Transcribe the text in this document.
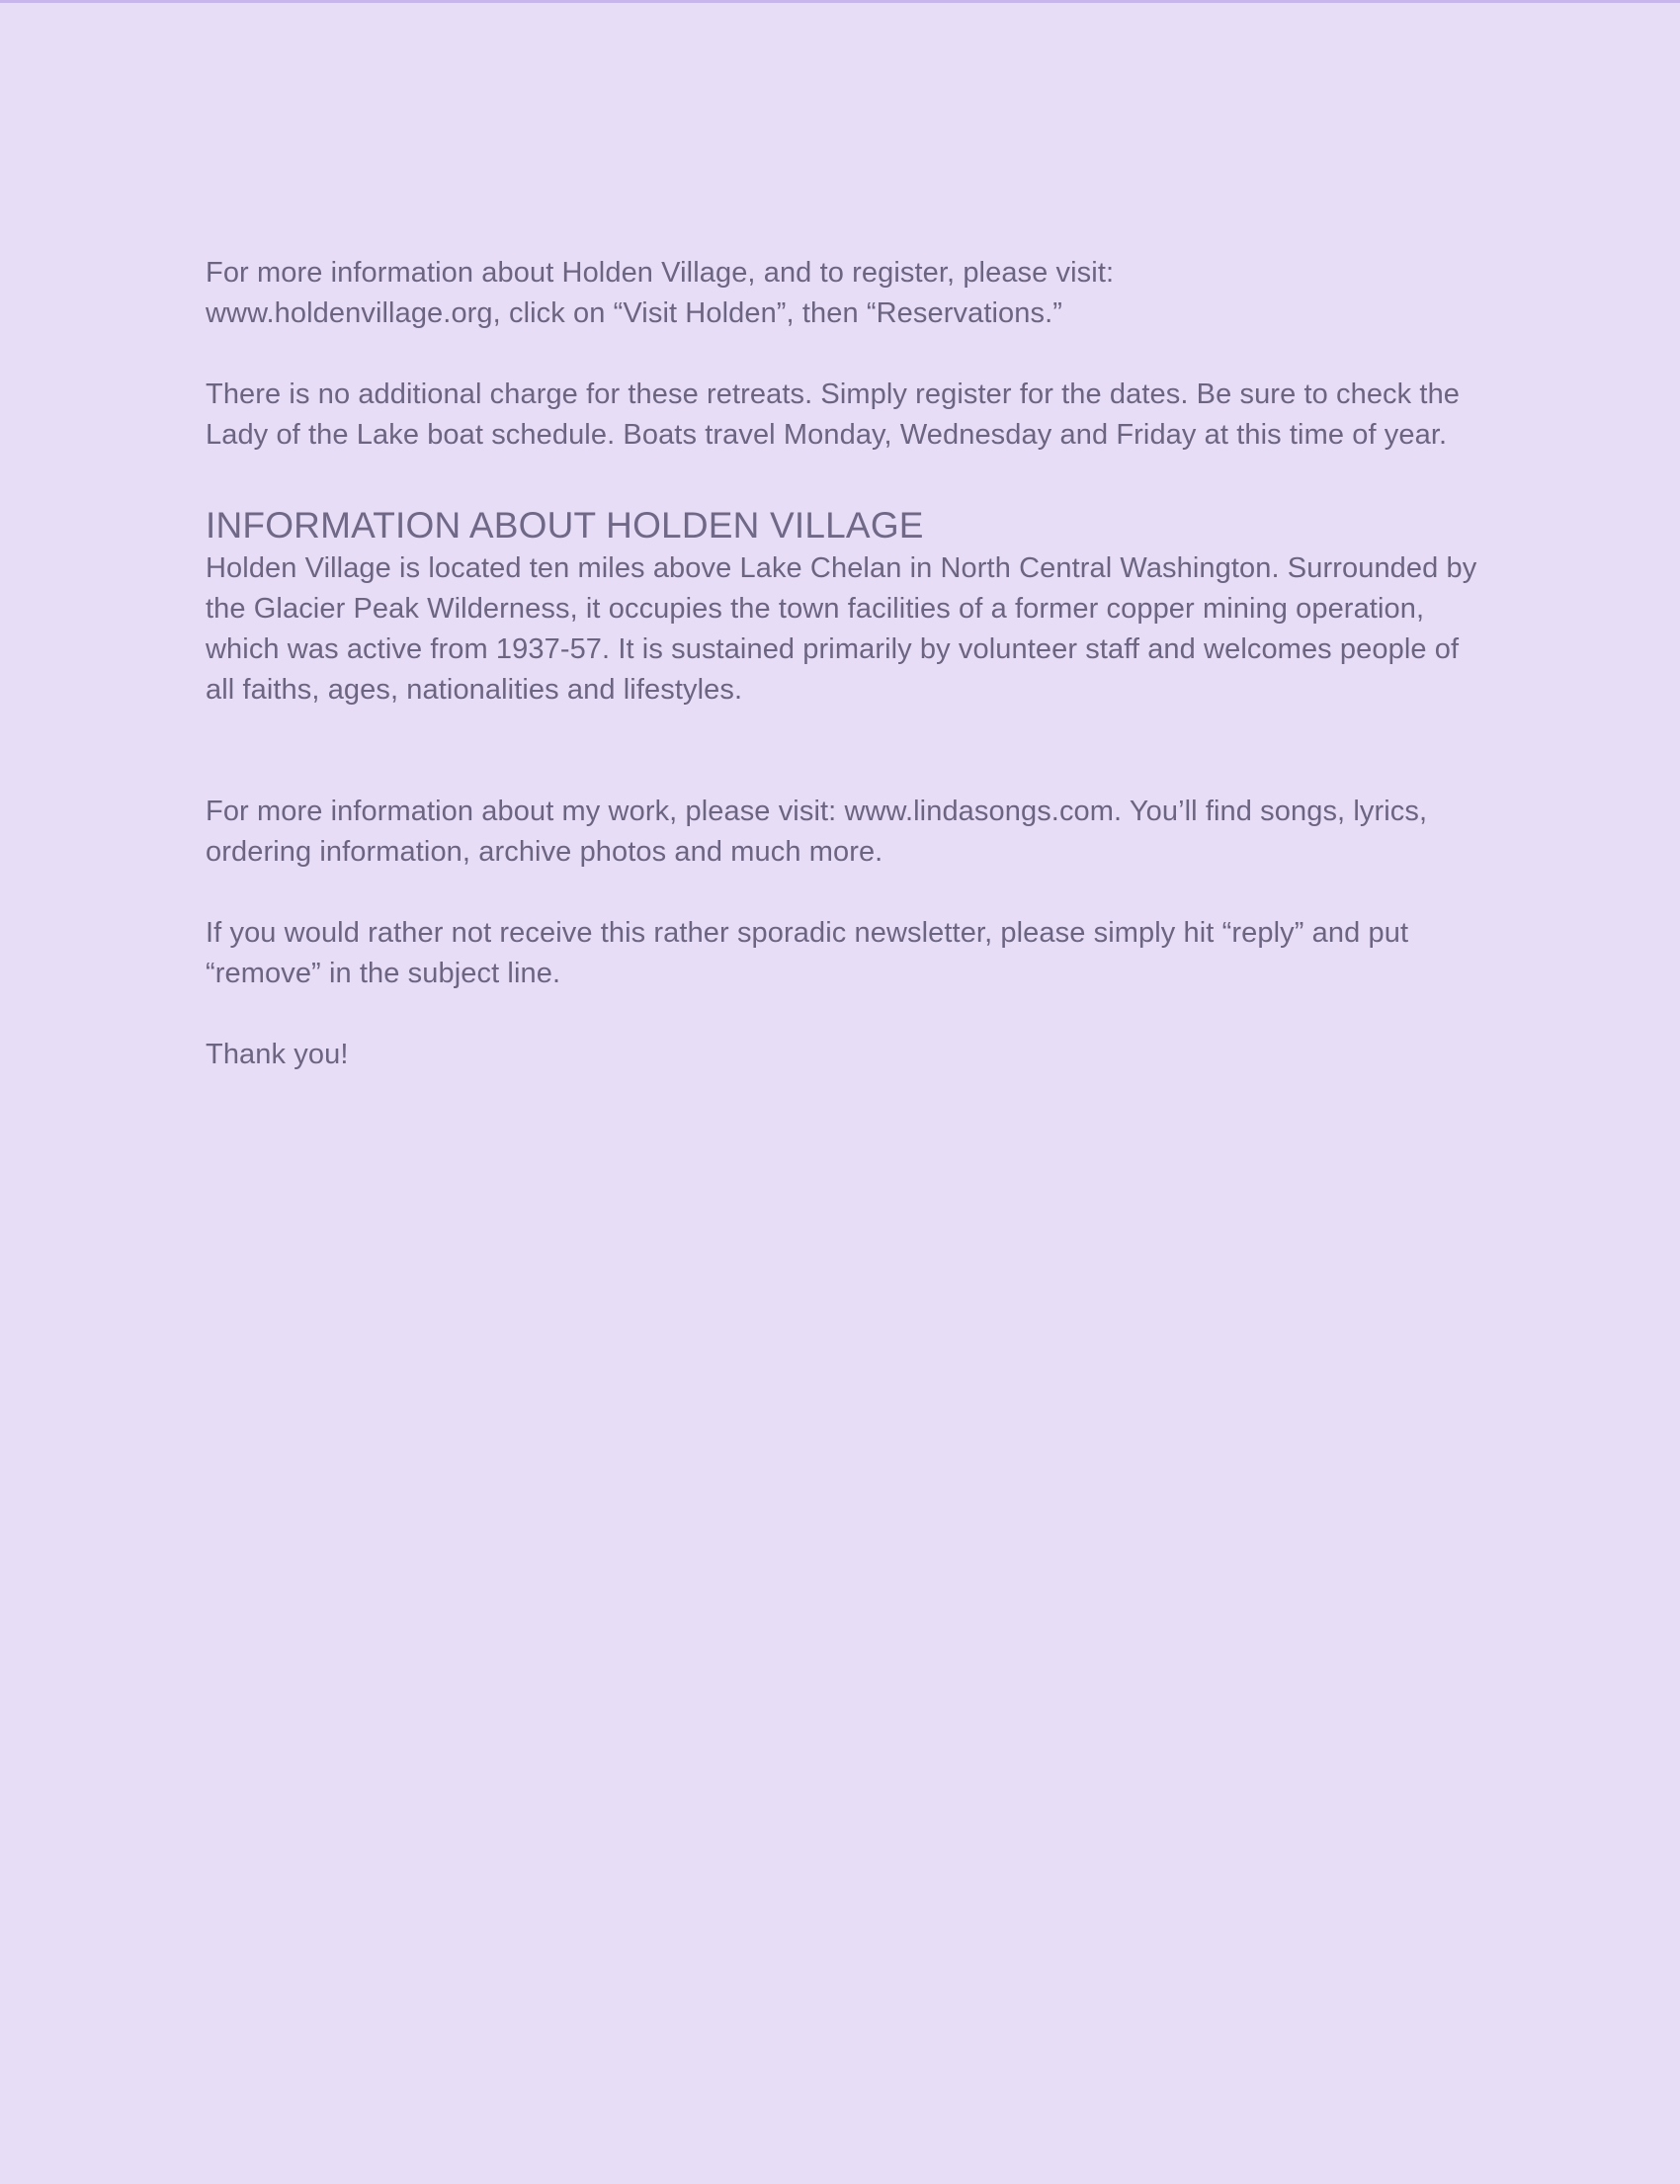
For more information about Holden Village, and to register, please visit:
www.holdenvillage.org, click on “Visit Holden”, then “Reservations.”

There is no additional charge for these retreats. Simply register for the dates. Be sure to check the Lady of the Lake boat schedule. Boats travel Monday, Wednesday and Friday at this time of year.

INFORMATION ABOUT HOLDEN VILLAGE

Holden Village is located ten miles above Lake Chelan in North Central Washington. Surrounded by the Glacier Peak Wilderness, it occupies the town facilities of a former copper mining operation, which was active from 1937-57. It is sustained primarily by volunteer staff and welcomes people of all faiths, ages, nationalities and lifestyles.

For more information about my work, please visit: www.lindasongs.com. You’ll find songs, lyrics, ordering information, archive photos and much more.

If you would rather not receive this rather sporadic newsletter, please simply hit “reply” and put “remove” in the subject line.

Thank you!
